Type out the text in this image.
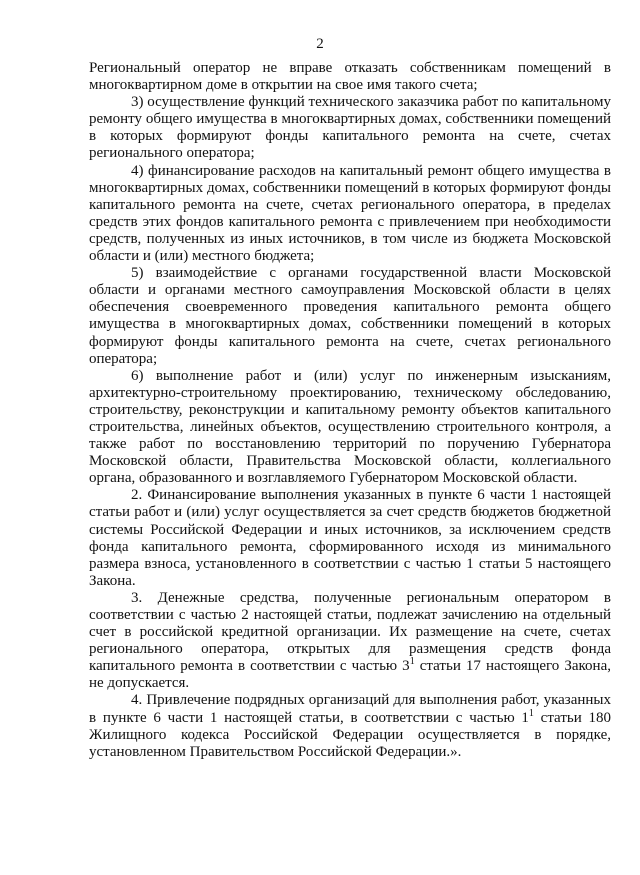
2

Региональный оператор не вправе отказать собственникам помещений в многоквартирном доме в открытии на свое имя такого счета;

3) осуществление функций технического заказчика работ по капитальному ремонту общего имущества в многоквартирных домах, собственники помещений в которых формируют фонды капитального ремонта на счете, счетах регионального оператора;

4) финансирование расходов на капитальный ремонт общего имущества в многоквартирных домах, собственники помещений в которых формируют фонды капитального ремонта на счете, счетах регионального оператора, в пределах средств этих фондов капитального ремонта с привлечением при необходимости средств, полученных из иных источников, в том числе из бюджета Московской области и (или) местного бюджета;

5) взаимодействие с органами государственной власти Московской области и органами местного самоуправления Московской области в целях обеспечения своевременного проведения капитального ремонта общего имущества в многоквартирных домах, собственники помещений в которых формируют фонды капитального ремонта на счете, счетах регионального оператора;

6) выполнение работ и (или) услуг по инженерным изысканиям, архитектурно-строительному проектированию, техническому обследованию, строительству, реконструкции и капитальному ремонту объектов капитального строительства, линейных объектов, осуществлению строительного контроля, а также работ по восстановлению территорий по поручению Губернатора Московской области, Правительства Московской области, коллегиального органа, образованного и возглавляемого Губернатором Московской области.

2. Финансирование выполнения указанных в пункте 6 части 1 настоящей статьи работ и (или) услуг осуществляется за счет средств бюджетов бюджетной системы Российской Федерации и иных источников, за исключением средств фонда капитального ремонта, сформированного исходя из минимального размера взноса, установленного в соответствии с частью 1 статьи 5 настоящего Закона.

3. Денежные средства, полученные региональным оператором в соответствии с частью 2 настоящей статьи, подлежат зачислению на отдельный счет в российской кредитной организации. Их размещение на счете, счетах регионального оператора, открытых для размещения средств фонда капитального ремонта в соответствии с частью $3^1$ статьи 17 настоящего Закона, не допускается.

4. Привлечение подрядных организаций для выполнения работ, указанных в пункте 6 части 1 настоящей статьи, в соответствии с частью $1^1$ статьи 180 Жилищного кодекса Российской Федерации осуществляется в порядке, установленном Правительством Российской Федерации.».
